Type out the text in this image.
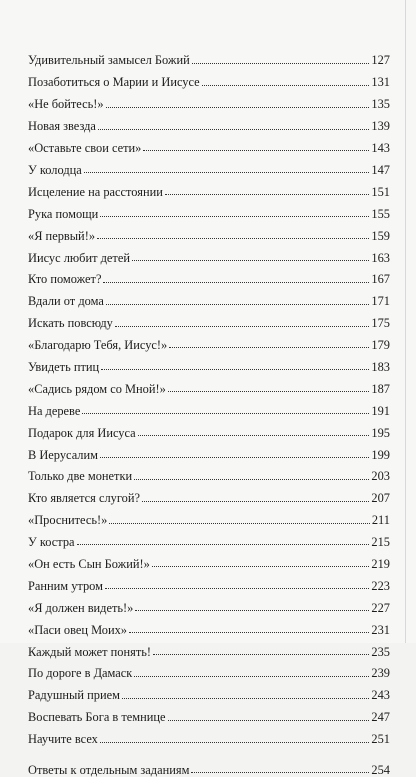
Удивительный замысел Божий	127
Позаботиться о Марии и Иисусе	131
«Не бойтесь!»	135
Новая звезда	139
«Оставьте свои сети»	143
У колодца	147
Исцеление на расстоянии	151
Рука помощи	155
«Я первый!»	159
Иисус любит детей	163
Кто поможет?	167
Вдали от дома	171
Искать повсюду	175
«Благодарю Тебя, Иисус!»	179
Увидеть птиц	183
«Садись рядом со Мной!»	187
На дереве	191
Подарок для Иисуса	195
В Иерусалим	199
Только две монетки	203
Кто является слугой?	207
«Проснитесь!»	211
У костра	215
«Он есть Сын Божий!»	219
Ранним утром	223
«Я должен видеть!»	227
«Паси овец Моих»	231
Каждый может понять!	235
По дороге в Дамаск	239
Радушный прием	243
Воспевать Бога в темнице	247
Научите всех	251
Ответы к отдельным заданиям	254
